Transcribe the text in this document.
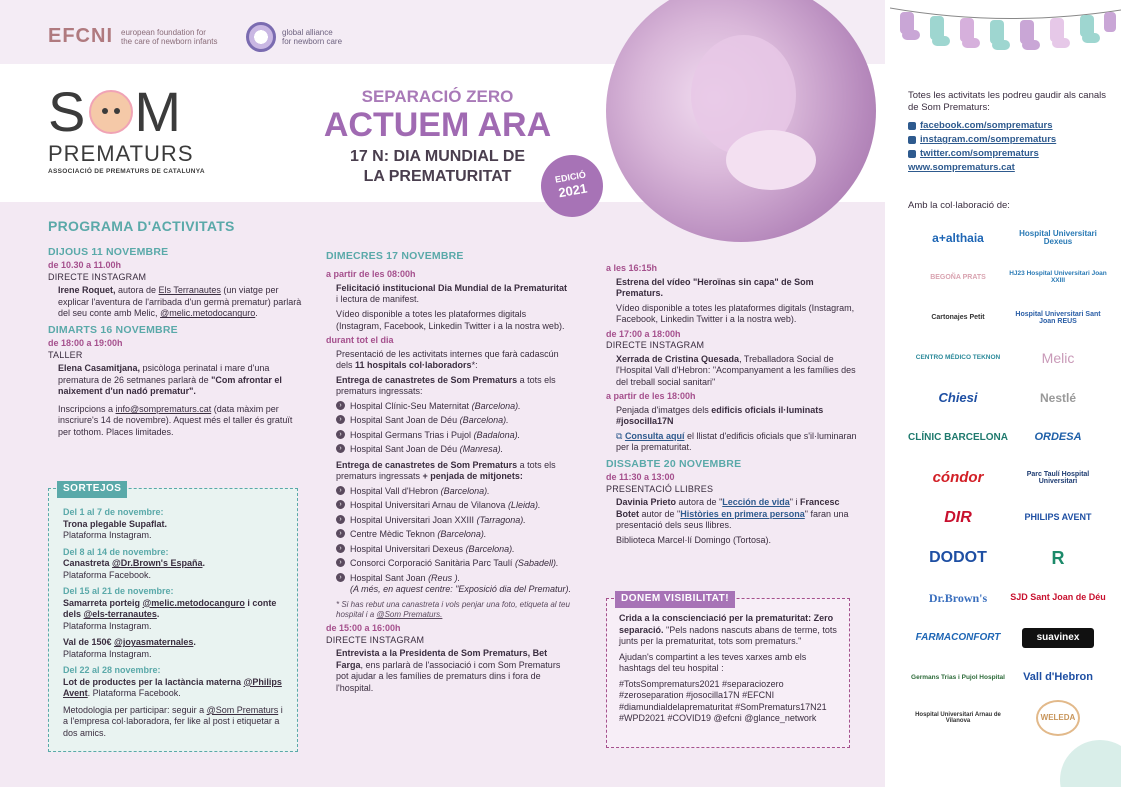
EFCNI european foundation for
the care of newborn infants
global alliance
for newborn care
S M
PREMATURS
ASSOCIACIÓ DE PREMATURS DE CATALUNYA
SEPARACIÓ ZERO
ACTUEM ARA
17 N: DIA MUNDIAL DE
LA PREMATURITAT	EDICIÓ
2021
PROGRAMA D'ACTIVITATS
DIJOUS 11 NOVEMBRE
de 10.30 a 11.00h
DIRECTE INSTAGRAM

Irene Roquet, autora de Els Terranautes (un viatge per explicar l'aventura de l'arribada d'un germà prematur) parlarà del seu conte amb Melic, @melic.metodocanguro.

DIMARTS 16 NOVEMBRE
de 18:00 a 19:00h
TALLER

Elena Casamitjana, psicòloga perinatal i mare d'una prematura de 26 setmanes parlarà de "Com afrontar el naixement d'un nadó prematur".

Inscripcions a info@somprematurs.cat (data màxim per inscriure's 14 de novembre). Aquest més el taller és gratuït per tothom. Places limitades.

SORTEJOS

Del 1 al 7 de novembre:
Trona plegable Supaflat.
Plataforma Instagram.

Del 8 al 14 de novembre:
Canastreta @Dr.Brown's España.
Plataforma Facebook.

Del 15 al 21 de novembre:
Samarreta porteig @melic.metodocanguro i conte dels @els-terranautes.
Plataforma Instagram.

Val de 150€ @joyasmaternales.
Plataforma Instagram.

Del 22 al 28 novembre:
Lot de productes per la lactància materna @Philips Avent. Plataforma Facebook.

Metodologia per participar: seguir a @Som Prematurs i a l'empresa col·laboradora, fer like al post i etiquetar a dos amics.

DIMECRES 17 NOVEMBRE
a partir de les 08:00h

Felicitació institucional Dia Mundial de la Prematuritat i lectura de manifest.

Vídeo disponible a totes les plataformes digitals (Instagram, Facebook, Linkedin Twitter i a la nostra web).

durant tot el dia

Presentació de les activitats internes que farà cadascún dels 11 hospitals col·laboradors*:

Entrega de canastretes de Som Prematurs a tots els prematurs ingressats:

› Hospital Clínic-Seu Maternitat (Barcelona).
› Hospital Sant Joan de Déu (Barcelona).
› Hospital Germans Trias i Pujol (Badalona).
› Hospital Sant Joan de Déu (Manresa).

Entrega de canastretes de Som Prematurs a tots els prematurs ingressats + penjada de mitjonets:

› Hospital Vall d'Hebron (Barcelona).
› Hospital Universitari Arnau de Vilanova (Lleida).
› Hospital Universitari Joan XXIII (Tarragona).
› Centre Mèdic Teknon (Barcelona).
› Hospital Universitari Dexeus (Barcelona).
› Consorci Corporació Sanitària Parc Taulí (Sabadell).
› Hospital Sant Joan (Reus ).
(A més, en aquest centre: "Exposició dia del Prematur).

* Si has rebut una canastreta i vols penjar una foto, etiqueta al teu hospital i a @Som Prematurs.

de 15:00 a 16:00h
DIRECTE INSTAGRAM

Entrevista a la Presidenta de Som Prematurs, Bet Farga, ens parlarà de l'associació i com Som Prematurs pot ajudar a les famílies de prematurs dins i fora de l'hospital.

a les 16:15h

Estrena del vídeo "Heroïnas sin capa" de Som Prematurs.

Vídeo disponible a totes les plataformes digitals (Instagram, Facebook, Linkedin Twitter i a la nostra web).

de 17:00 a 18:00h
DIRECTE INSTAGRAM

Xerrada de Cristina Quesada, Treballadora Social de l'Hospital Vall d'Hebron: "Acompanyament a les famílies des del treball social sanitari"

a partir de les 18:00h

Penjada d'imatges dels edificis oficials il·luminats #josocilla17N

⧉ Consulta aquí el llistat d'edificis oficials que s'il·luminaran per la prematuritat.

DISSABTE 20 NOVEMBRE
de 11:30 a 13:00
PRESENTACIÓ LLIBRES

Davinia Prieto autora de "Lección de vida" i Francesc Botet autor de "Històries en primera persona" faran una presentació dels seus llibres.

Biblioteca Marcel·lí Domingo (Tortosa).

DONEM VISIBILITAT!

Crida a la conscienciació per la prematuritat: Zero separació. "Pels nadons nascuts abans de terme, tots junts per la prematuritat, tots som prematurs."

Ajudan's compartint a les teves xarxes amb els hashtags del teu hospital :

#TotsSomprematurs2021 #separaciozero #zeroseparation #josocilla17N #EFCNI #diamundialdelaprematuritat #SomPrematurs17N21 #WPD2021 #COVID19 @efcni @glance_network

Totes les activitats les podreu gaudir als canals de Som Prematurs:
facebook.com/somprematurs
instagram.com/somprematurs
twitter.com/somprematurs
www.somprematurs.cat
Amb la col·laboració de:
a+althaia	Hospital Universitari Dexeus
BEGOÑA PRATS
HJ23 Hospital Universitari Joan XXIII
Cartonajes Petit
Hospital Universitari Sant Joan REUS
CENTRO MÉDICO TEKNON	Melic
Chiesi	Nestlé
CLÍNIC BARCELONA	ORDESA
cóndor	Parc Taulí Hospital Universitari
DIR	PHILIPS AVENT
DODOT	R
Dr.Brown's	SJD Sant Joan de Déu
FARMACONFORT	suavinex
Germans Trias i Pujol Hospital	Vall d'Hebron
Hospital Universitari Arnau de Vilanova	WELEDA
